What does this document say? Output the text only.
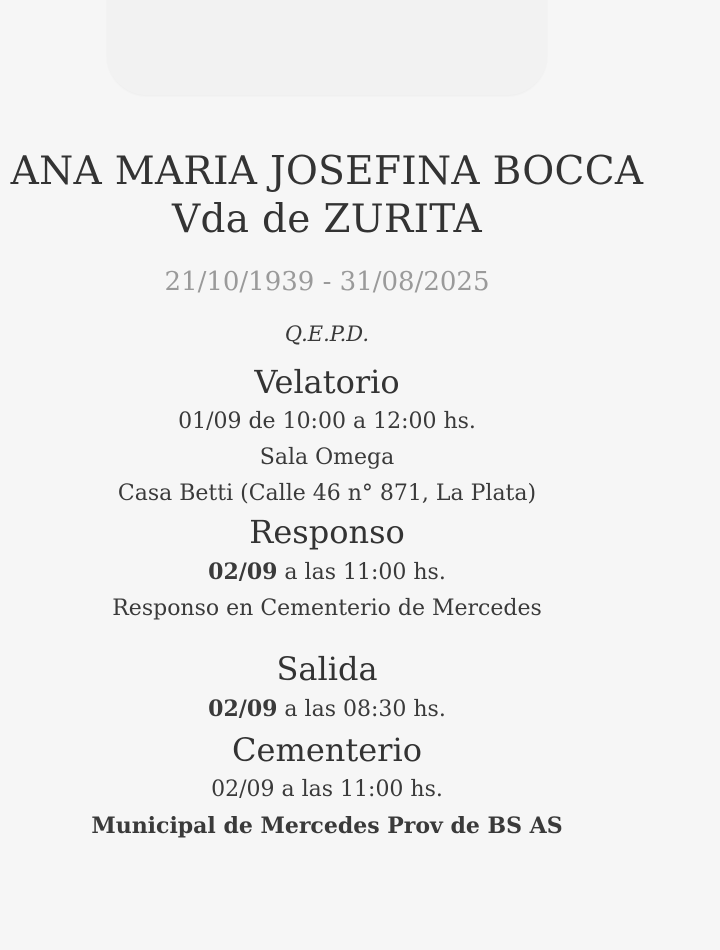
ANA MARIA JOSEFINA BOCCA
Vda de ZURITA
21/10/1939 - 31/08/2025
Q.E.P.D.
Velatorio
01/09 de 10:00 a 12:00 hs.
Sala Omega
Casa Betti (Calle 46 n° 871, La Plata)
Responso
02/09 a las 11:00 hs.
Responso en Cementerio de Mercedes
Salida
02/09 a las 08:30 hs.
Cementerio
02/09 a las 11:00 hs.
Municipal de Mercedes Prov de BS AS
